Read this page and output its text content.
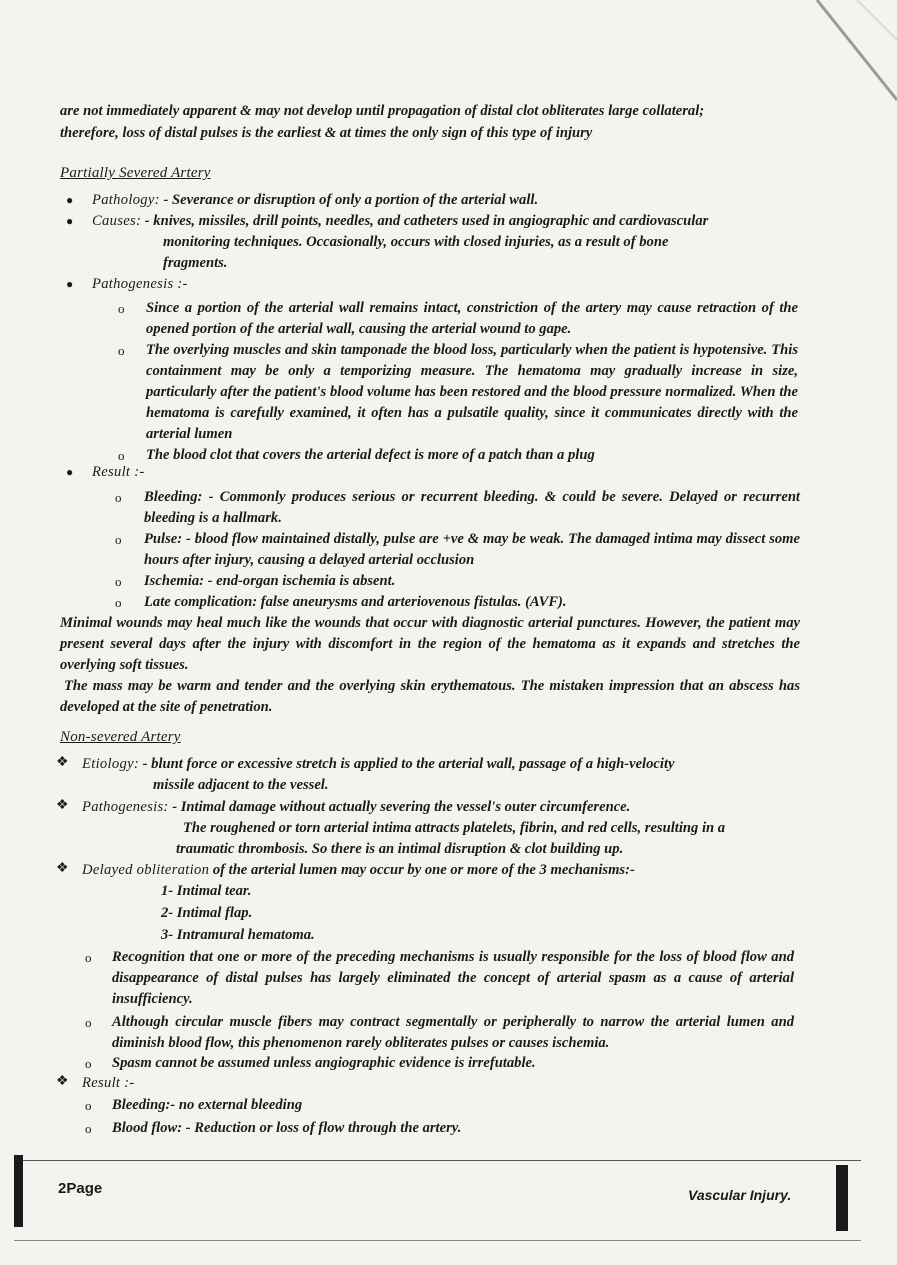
are not immediately apparent & may not develop until propagation of distal clot obliterates large collateral;
therefore, loss of distal pulses is the earliest & at times the only sign of this type of injury
Partially Severed Artery
● Pathology: - Severance or disruption of only a portion of the arterial wall.
● Causes: - knives, missiles, drill points, needles, and catheters used in angiographic and cardiovascular
monitoring techniques. Occasionally, occurs with closed injuries, as a result of bone
fragments.
● Pathogenesis :-
o Since a portion of the arterial wall remains intact, constriction of the artery may cause retraction of the opened portion of the arterial wall, causing the arterial wound to gape.
o The overlying muscles and skin tamponade the blood loss, particularly when the patient is hypotensive. This containment may be only a temporizing measure. The hematoma may gradually increase in size, particularly after the patient's blood volume has been restored and the blood pressure normalized. When the hematoma is carefully examined, it often has a pulsatile quality, since it communicates directly with the arterial lumen
o The blood clot that covers the arterial defect is more of a patch than a plug
● Result :-
o Bleeding: - Commonly produces serious or recurrent bleeding. & could be severe. Delayed or recurrent bleeding is a hallmark.
o Pulse: - blood flow maintained distally, pulse are +ve & may be weak. The damaged intima may dissect some hours after injury, causing a delayed arterial occlusion
o Ischemia: - end-organ ischemia is absent.
o Late complication: false aneurysms and arteriovenous fistulas. (AVF).
Minimal wounds may heal much like the wounds that occur with diagnostic arterial punctures. However, the patient may present several days after the injury with discomfort in the region of the hematoma as it expands and stretches the overlying soft tissues.
The mass may be warm and tender and the overlying skin erythematous. The mistaken impression that an abscess has developed at the site of penetration.
Non-severed Artery
❖ Etiology: - blunt force or excessive stretch is applied to the arterial wall, passage of a high-velocity
missile adjacent to the vessel.
❖ Pathogenesis: - Intimal damage without actually severing the vessel's outer circumference.
The roughened or torn arterial intima attracts platelets, fibrin, and red cells, resulting in a
traumatic thrombosis. So there is an intimal disruption & clot building up.
❖ Delayed obliteration of the arterial lumen may occur by one or more of the 3 mechanisms:-
1- Intimal tear.
2- Intimal flap.
3- Intramural hematoma.
o Recognition that one or more of the preceding mechanisms is usually responsible for the loss of blood flow and disappearance of distal pulses has largely eliminated the concept of arterial spasm as a cause of arterial insufficiency.
o Although circular muscle fibers may contract segmentally or peripherally to narrow the arterial lumen and diminish blood flow, this phenomenon rarely obliterates pulses or causes ischemia.
o Spasm cannot be assumed unless angiographic evidence is irrefutable.
❖ Result :-
o Bleeding:- no external bleeding
o Blood flow: - Reduction or loss of flow through the artery.
2Page	Vascular Injury.
